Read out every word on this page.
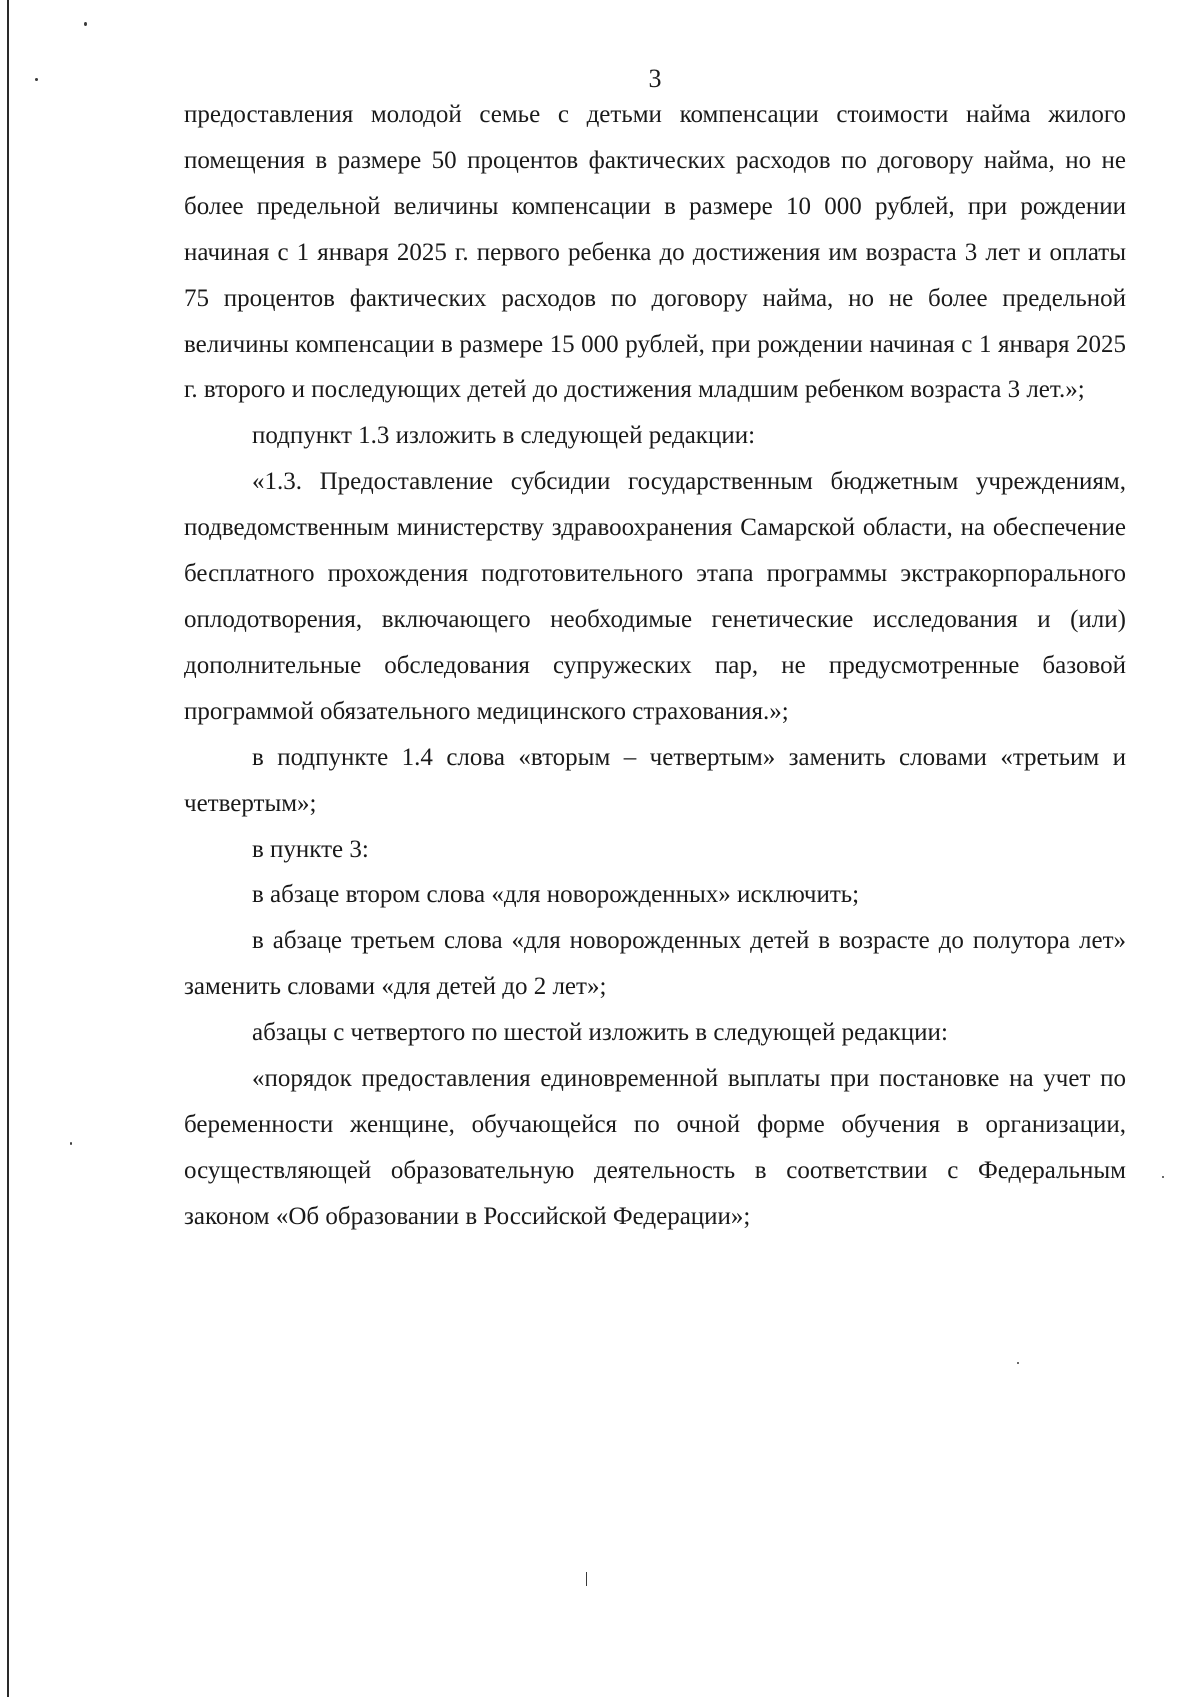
3

предоставления молодой семье с детьми компенсации стоимости найма жилого помещения в размере 50 процентов фактических расходов по договору найма, но не более предельной величины компенсации в размере 10 000 рублей, при рождении начиная с 1 января 2025 г. первого ребенка до достижения им возраста 3 лет и оплаты 75 процентов фактических расходов по договору найма, но не более предельной величины компенсации в размере 15 000 рублей, при рождении начиная с 1 января 2025 г. второго и последующих детей до достижения младшим ребенком возраста 3 лет.»;

подпункт 1.3 изложить в следующей редакции:

«1.3. Предоставление субсидии государственным бюджетным учреждениям, подведомственным министерству здравоохранения Самарской области, на обеспечение бесплатного прохождения подготовительного этапа программы экстракорпорального оплодотворения, включающего необходимые генетические исследования и (или) дополнительные обследования супружеских пар, не предусмотренные базовой программой обязательного медицинского страхования.»;

в подпункте 1.4 слова «вторым – четвертым» заменить словами «третьим и четвертым»;

в пункте 3:

в абзаце втором слова «для новорожденных» исключить;

в абзаце третьем слова «для новорожденных детей в возрасте до полутора лет» заменить словами «для детей до 2 лет»;

абзацы с четвертого по шестой изложить в следующей редакции:

«порядок предоставления единовременной выплаты при постановке на учет по беременности женщине, обучающейся по очной форме обучения в организации, осуществляющей образовательную деятельность в соответствии с Федеральным законом «Об образовании в Российской Федерации»;
